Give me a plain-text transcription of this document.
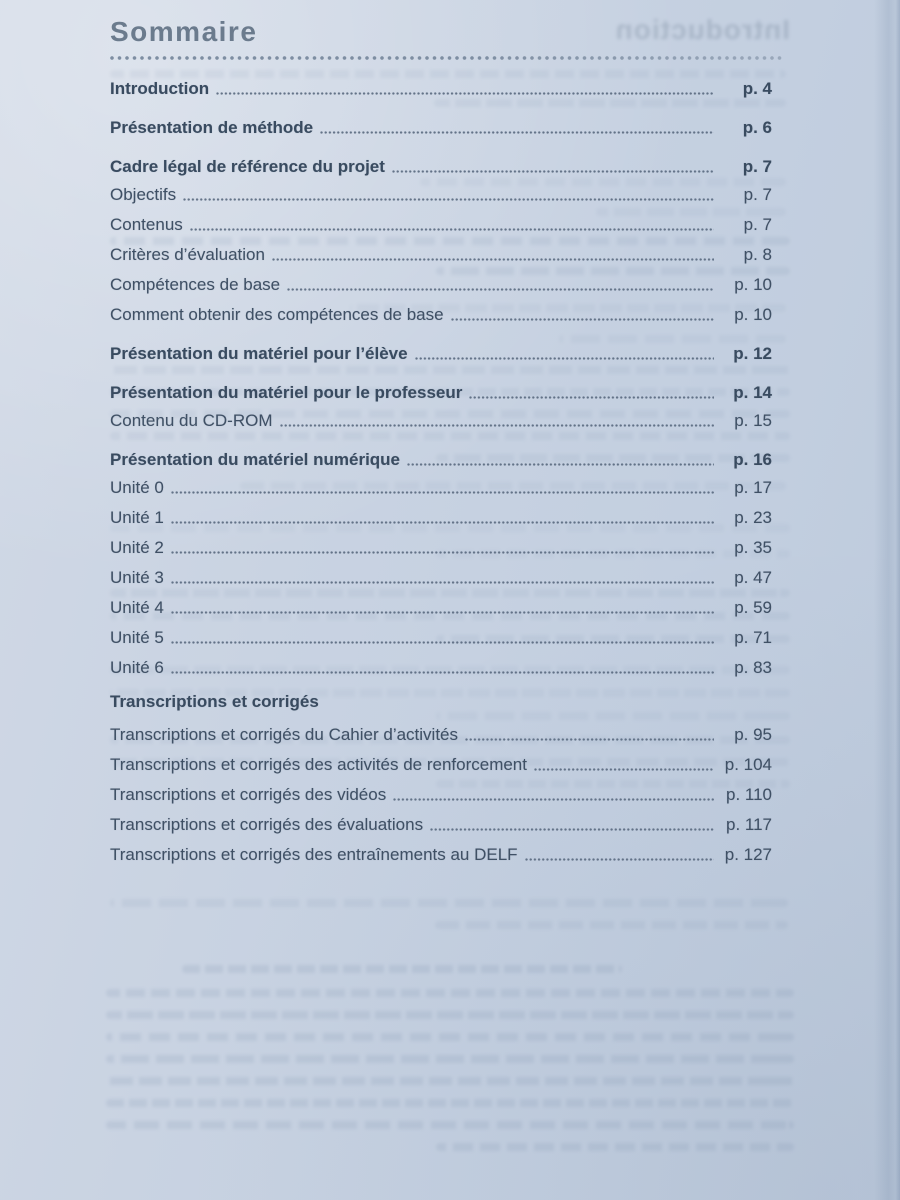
Introduction
Sommaire
Introduction	p. 4
Présentation de méthode	p. 6
Cadre légal de référence du projet	p. 7
Objectifs	p. 7
Contenus	p. 7
Critères d’évaluation	p. 8
Compétences de base	p. 10
Comment obtenir des compétences de base	p. 10
Présentation du matériel pour l’élève	p. 12
Présentation du matériel pour le professeur	p. 14
Contenu du CD-ROM	p. 15
Présentation du matériel numérique	p. 16
Unité 0	p. 17
Unité 1	p. 23
Unité 2	p. 35
Unité 3	p. 47
Unité 4	p. 59
Unité 5	p. 71
Unité 6	p. 83
Transcriptions et corrigés
Transcriptions et corrigés du Cahier d’activités	p. 95
Transcriptions et corrigés des activités de renforcement	p. 104
Transcriptions et corrigés des vidéos	p. 110
Transcriptions et corrigés des évaluations	p. 117
Transcriptions et corrigés des entraînements au DELF	p. 127
